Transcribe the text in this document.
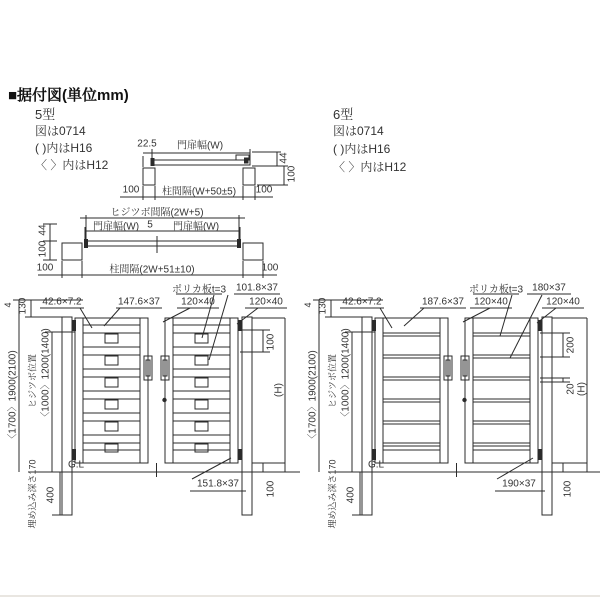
■据付図(単位mm)
5型
図は0714
( )内はH16
〈 〉内はH12
6型
図は0714
( )内はH16
〈 〉内はH12
22.5 門扉幅(W)
44
100
100 柱間隔(W+50±5) 100
ヒジツボ間隔(2W+5)
門扉幅(W) 5 門扉幅(W)
44
100
100	柱間隔(2W+51±10)	100
ポリカ板t=3 101.8×37
42.6×7.2	147.6×37 120×40	120×40
4 130
〈1700〉1900(2100) ヒジツボ位置 〈1000〉1200(1400)
埋め込み深さ170 400
G.L
100
(H)
100
151.8×37
ポリカ板t=3 180×37
42.6×7.2	187.6×37 120×40	120×40
4 130
〈1700〉1900(2100) ヒジツボ位置 〈1000〉1200(1400)
埋め込み深さ170 400
G.L
200
20 (H)
100
190×37
